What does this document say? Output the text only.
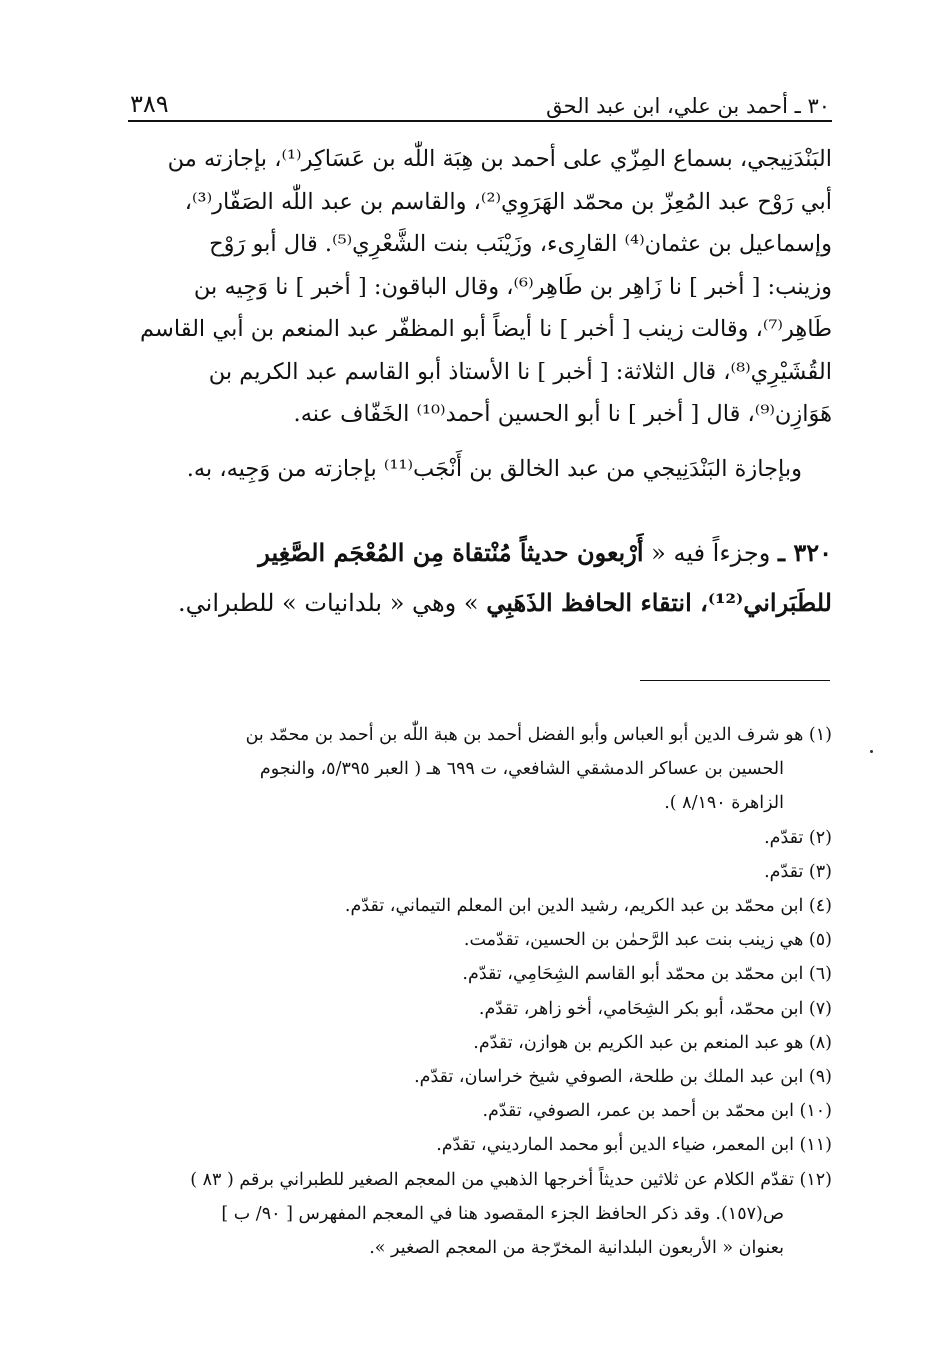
٣٠ ـ أحمد بن علي، ابن عبد الحق
٣٨٩
البَنْدَنِيجي، بسماع المِزّي على أحمد بن هِبَة اللّٰه بن عَسَاكِر⁽¹⁾، بإجازته من
أبي رَوْح عبد المُعِزّ بن محمّد الهَرَوِي⁽²⁾، والقاسم بن عبد اللّٰه الصَفّار⁽³⁾،
وإسماعيل بن عثمان⁽⁴⁾ القارِىء، وزَيْنَب بنت الشَّعْرِي⁽⁵⁾. قال أبو رَوْح
وزينب: [ أخبر ] نا زَاهِر بن طَاهِر⁽⁶⁾، وقال الباقون: [ أخبر ] نا وَجِيه بن
طَاهِر⁽⁷⁾، وقالت زينب [ أخبر ] نا أيضاً أبو المظفّر عبد المنعم بن أبي القاسم
القُشَيْرِي⁽⁸⁾، قال الثلاثة: [ أخبر ] نا الأستاذ أبو القاسم عبد الكريم بن
هَوَازِن⁽⁹⁾، قال [ أخبر ] نا أبو الحسين أحمد⁽¹⁰⁾ الخَفّاف عنه.
وبإجازة البَنْدَنِيجي من عبد الخالق بن أَنْجَب⁽¹¹⁾ بإجازته من وَجِيه، به.
٣٢٠ ـ وجزءاً فيه « أَرْبعون حديثاً مُنْتقاة مِن المُعْجَم الصَّغِير
للطَبَراني⁽¹²⁾، انتقاء الحافظ الذَهَبِي » وهي « بلدانيات » للطبراني.
(١) هو شرف الدين أبو العباس وأبو الفضل أحمد بن هبة اللّٰه بن أحمد بن محمّد بن
الحسين بن عساكر الدمشقي الشافعي، ت ٦٩٩ هـ ( العبر ٥/٣٩٥، والنجوم
الزاهرة ٨/١٩٠ ).
(٢) تقدّم.
(٣) تقدّم.
(٤) ابن محمّد بن عبد الكريم، رشيد الدين ابن المعلم التيماني، تقدّم.
(٥) هي زينب بنت عبد الرَّحمٰن بن الحسين، تقدّمت.
(٦) ابن محمّد بن محمّد أبو القاسم الشِحَامِي، تقدّم.
(٧) ابن محمّد، أبو بكر الشِحَامي، أخو زاهر، تقدّم.
(٨) هو عبد المنعم بن عبد الكريم بن هوازن، تقدّم.
(٩) ابن عبد الملك بن طلحة، الصوفي شيخ خراسان، تقدّم.
(١٠) ابن محمّد بن أحمد بن عمر، الصوفي، تقدّم.
(١١) ابن المعمر، ضياء الدين أبو محمد الماردیني، تقدّم.
(١٢) تقدّم الكلام عن ثلاثين حديثاً أخرجها الذهبي من المعجم الصغير للطبراني برقم ( ٨٣ )
ص(١٥٧). وقد ذكر الحافظ الجزء المقصود هنا في المعجم المفهرس [ ٩٠/ ب ]
بعنوان « الأربعون البلدانية المخرّجة من المعجم الصغير ».
